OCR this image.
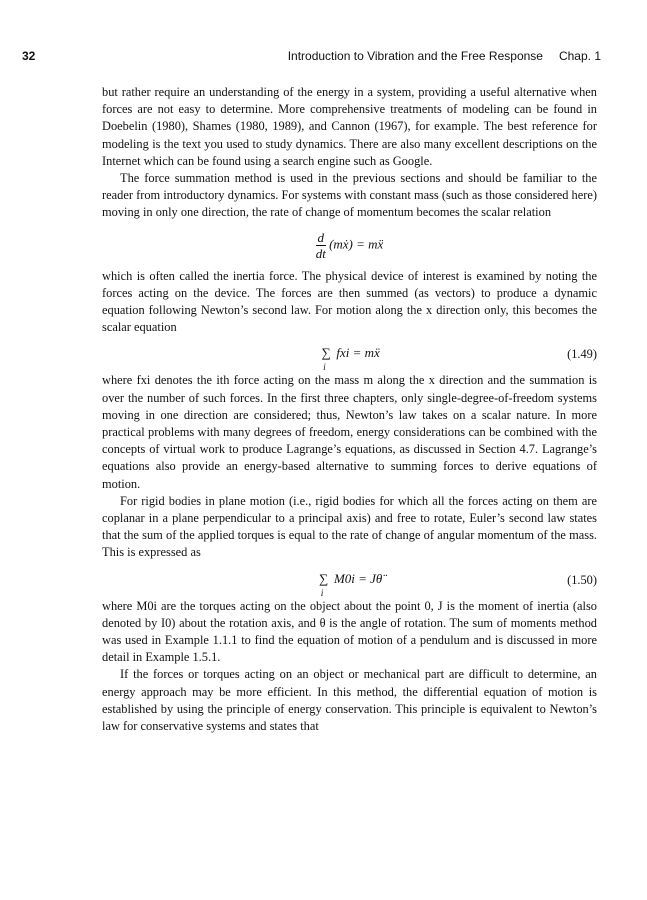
32	Introduction to Vibration and the Free Response Chap. 1

but rather require an understanding of the energy in a system, providing a useful alternative when forces are not easy to determine. More comprehensive treatments of modeling can be found in Doebelin (1980), Shames (1980, 1989), and Cannon (1967), for example. The best reference for modeling is the text you used to study dynamics. There are also many excellent descriptions on the Internet which can be found using a search engine such as Google.

The force summation method is used in the previous sections and should be familiar to the reader from introductory dynamics. For systems with constant mass (such as those considered here) moving in only one direction, the rate of change of momentum becomes the scalar relation

$\frac{d}{dt}$ (mẋ) = mẍ

which is often called the inertia force. The physical device of interest is examined by noting the forces acting on the device. The forces are then summed (as vectors) to produce a dynamic equation following Newton’s second law. For motion along the x direction only, this becomes the scalar equation

∑
i
fxi = mẍ	(1.49)

where fxi denotes the ith force acting on the mass m along the x direction and the summation is over the number of such forces. In the first three chapters, only single-degree-of-freedom systems moving in one direction are considered; thus, Newton’s law takes on a scalar nature. In more practical problems with many degrees of freedom, energy considerations can be combined with the concepts of virtual work to produce Lagrange’s equations, as discussed in Section 4.7. Lagrange’s equations also provide an energy-based alternative to summing forces to derive equations of motion.

For rigid bodies in plane motion (i.e., rigid bodies for which all the forces acting on them are coplanar in a plane perpendicular to a principal axis) and free to rotate, Euler’s second law states that the sum of the applied torques is equal to the rate of change of angular momentum of the mass. This is expressed as

∑
i
M0i = Jθ̈	(1.50)

where M0i are the torques acting on the object about the point 0, J is the moment of inertia (also denoted by I0) about the rotation axis, and θ is the angle of rotation. The sum of moments method was used in Example 1.1.1 to find the equation of motion of a pendulum and is discussed in more detail in Example 1.5.1.

If the forces or torques acting on an object or mechanical part are difficult to determine, an energy approach may be more efficient. In this method, the differential equation of motion is established by using the principle of energy conservation. This principle is equivalent to Newton’s law for conservative systems and states that
